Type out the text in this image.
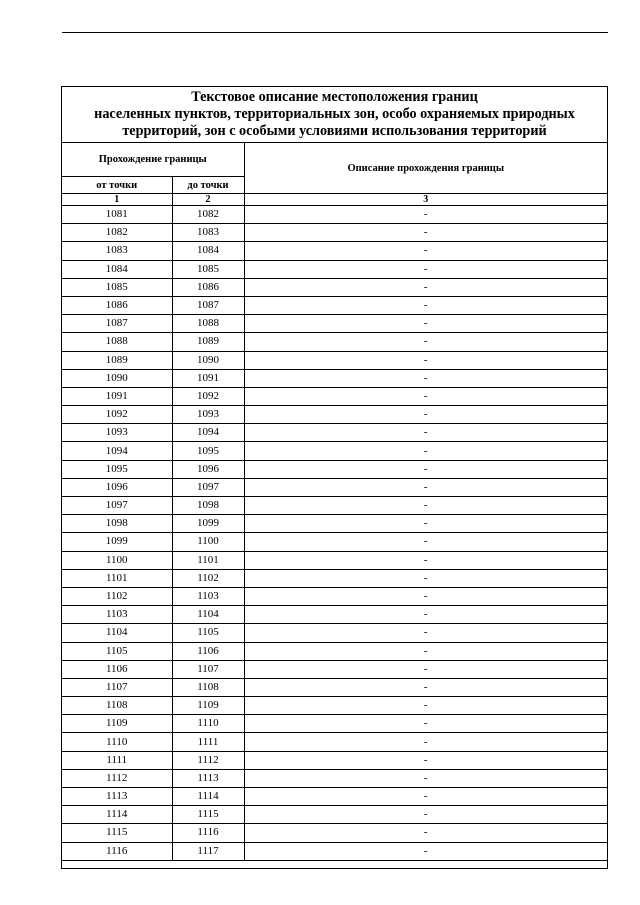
Текстовое описание местоположения границ
населенных пунктов, территориальных зон, особо охраняемых природных
территорий, зон с особыми условиями использования территорий
Прохождение границы		Описание прохождения границы
от точки	до точки	
1	2	3
1081	1082	-
1082	1083	-
1083	1084	-
1084	1085	-
1085	1086	-
1086	1087	-
1087	1088	-
1088	1089	-
1089	1090	-
1090	1091	-
1091	1092	-
1092	1093	-
1093	1094	-
1094	1095	-
1095	1096	-
1096	1097	-
1097	1098	-
1098	1099	-
1099	1100	-
1100	1101	-
1101	1102	-
1102	1103	-
1103	1104	-
1104	1105	-
1105	1106	-
1106	1107	-
1107	1108	-
1108	1109	-
1109	1110	-
1110	1111	-
1111	1112	-
1112	1113	-
1113	1114	-
1114	1115	-
1115	1116	-
1116	1117	-
